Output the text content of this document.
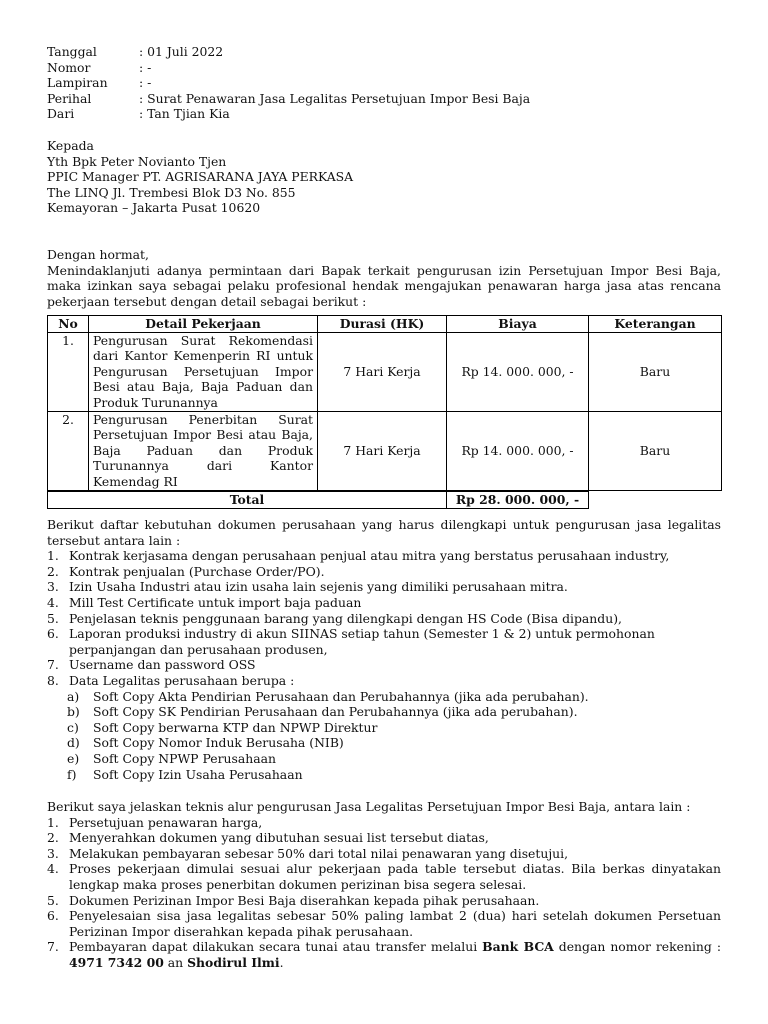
Tanggal	: 01 Juli 2022
Nomor	: -
Lampiran	: -
Perihal	: Surat Penawaran Jasa Legalitas Persetujuan Impor Besi Baja
Dari	: Tan Tjian Kia
Kepada
Yth Bpk Peter Novianto Tjen
PPIC Manager PT. AGRISARANA JAYA PERKASA
The LINQ Jl. Trembesi Blok D3 No. 855
Kemayoran – Jakarta Pusat 10620
Dengan hormat,
Menindaklanjuti adanya permintaan dari Bapak terkait pengurusan izin Persetujuan Impor Besi Baja, maka izinkan saya sebagai pelaku profesional hendak mengajukan penawaran harga jasa atas rencana pekerjaan tersebut dengan detail sebagai berikut :
No	Detail Pekerjaan	Durasi (HK)	Biaya	Keterangan
1.	Pengurusan Surat Rekomendasi dari Kantor Kemenperin RI untuk Pengurusan Persetujuan Impor Besi atau Baja, Baja Paduan dan Produk Turunannya	7 Hari Kerja	Rp 14. 000. 000, -	Baru
2.	Pengurusan Penerbitan Surat Persetujuan Impor Besi atau Baja, Baja Paduan dan Produk Turunannya dari Kantor Kemendag RI	7 Hari Kerja	Rp 14. 000. 000, -	Baru
Total	Rp 28. 000. 000, -
Berikut daftar kebutuhan dokumen perusahaan yang harus dilengkapi untuk pengurusan jasa legalitas tersebut antara lain :
1. Kontrak kerjasama dengan perusahaan penjual atau mitra yang berstatus perusahaan industry,
2. Kontrak penjualan (Purchase Order/PO).
3. Izin Usaha Industri atau izin usaha lain sejenis yang dimiliki perusahaan mitra.
4. Mill Test Certificate untuk import baja paduan
5. Penjelasan teknis penggunaan barang yang dilengkapi dengan HS Code (Bisa dipandu),
6. Laporan produksi industry di akun SIINAS setiap tahun (Semester 1 & 2) untuk permohonan perpanjangan dan perusahaan produsen,
7. Username dan password OSS
8. Data Legalitas perusahaan berupa :
a)	Soft Copy Akta Pendirian Perusahaan dan Perubahannya (jika ada perubahan).
b)	Soft Copy SK Pendirian Perusahaan dan Perubahannya (jika ada perubahan).
c)	Soft Copy berwarna KTP dan NPWP Direktur
d)	Soft Copy Nomor Induk Berusaha (NIB)
e)	Soft Copy NPWP Perusahaan
f)	Soft Copy Izin Usaha Perusahaan
Berikut saya jelaskan teknis alur pengurusan Jasa Legalitas Persetujuan Impor Besi Baja, antara lain :
1. Persetujuan penawaran harga,
2. Menyerahkan dokumen yang dibutuhan sesuai list tersebut diatas,
3. Melakukan pembayaran sebesar 50% dari total nilai penawaran yang disetujui,
4. Proses pekerjaan dimulai sesuai alur pekerjaan pada table tersebut diatas. Bila berkas dinyatakan lengkap maka proses penerbitan dokumen perizinan bisa segera selesai.
5. Dokumen Perizinan Impor Besi Baja diserahkan kepada pihak perusahaan.
6. Penyelesaian sisa jasa legalitas sebesar 50% paling lambat 2 (dua) hari setelah dokumen Persetuan Perizinan Impor diserahkan kepada pihak perusahaan.
7. Pembayaran dapat dilakukan secara tunai atau transfer melalui Bank BCA dengan nomor rekening : 4971 7342 00 an Shodirul Ilmi.
